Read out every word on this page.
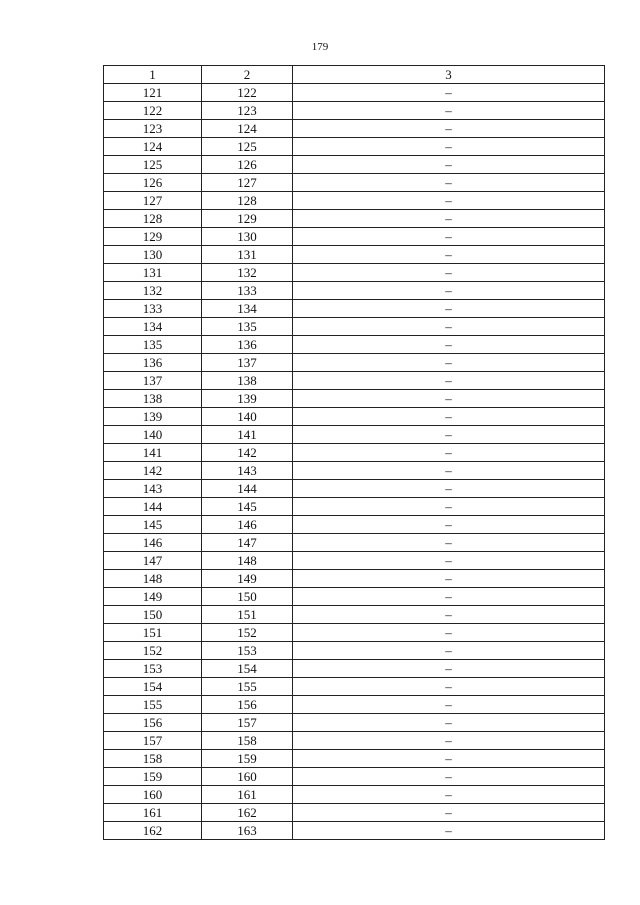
179
1	2	3
121	122	–
122	123	–
123	124	–
124	125	–
125	126	–
126	127	–
127	128	–
128	129	–
129	130	–
130	131	–
131	132	–
132	133	–
133	134	–
134	135	–
135	136	–
136	137	–
137	138	–
138	139	–
139	140	–
140	141	–
141	142	–
142	143	–
143	144	–
144	145	–
145	146	–
146	147	–
147	148	–
148	149	–
149	150	–
150	151	–
151	152	–
152	153	–
153	154	–
154	155	–
155	156	–
156	157	–
157	158	–
158	159	–
159	160	–
160	161	–
161	162	–
162	163	–
